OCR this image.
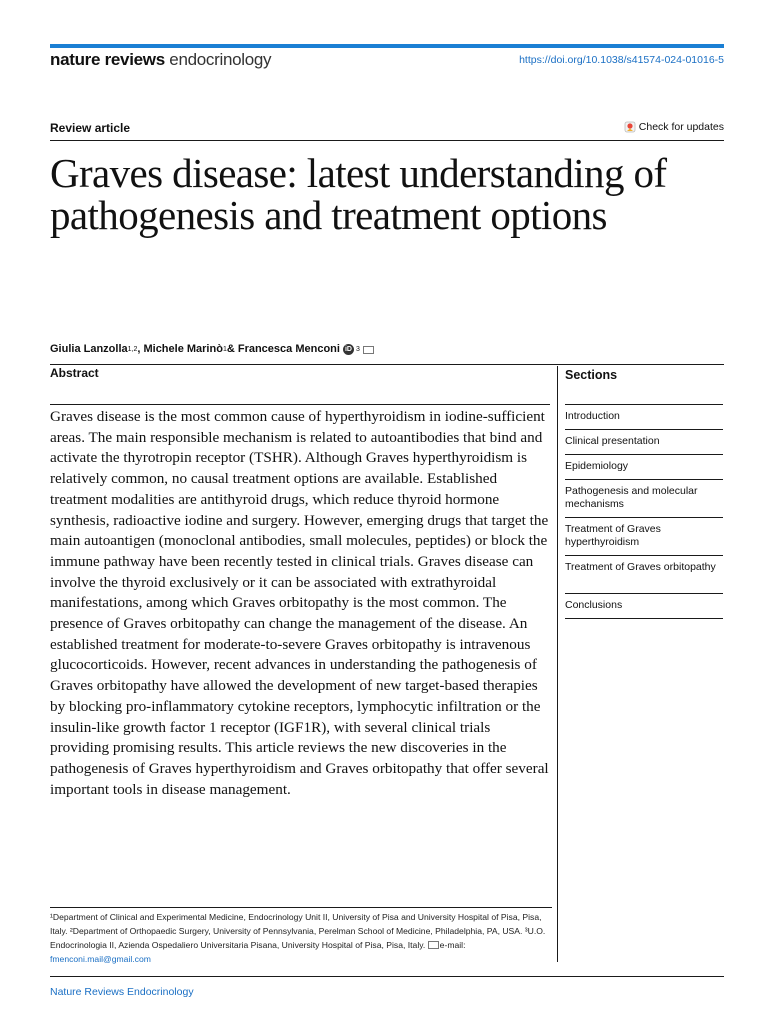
nature reviews endocrinology	https://doi.org/10.1038/s41574-024-01016-5
Review article	Check for updates
Graves disease: latest understanding of pathogenesis and treatment options
Giulia Lanzolla 1,2 , Michele Marinò 1 & Francesca Menconi iD 3
Abstract
Graves disease is the most common cause of hyperthyroidism in iodine-sufficient areas. The main responsible mechanism is related to autoantibodies that bind and activate the thyrotropin receptor (TSHR). Although Graves hyperthyroidism is relatively common, no causal treatment options are available. Established treatment modalities are antithyroid drugs, which reduce thyroid hormone synthesis, radioactive iodine and surgery. However, emerging drugs that target the main autoantigen (monoclonal antibodies, small molecules, peptides) or block the immune pathway have been recently tested in clinical trials. Graves disease can involve the thyroid exclusively or it can be associated with extrathyroidal manifestations, among which Graves orbitopathy is the most common. The presence of Graves orbitopathy can change the management of the disease. An established treatment for moderate-to-severe Graves orbitopathy is intravenous glucocorticoids. However, recent advances in understanding the pathogenesis of Graves orbitopathy have allowed the development of new target-based therapies by blocking pro-inflammatory cytokine receptors, lymphocytic infiltration or the insulin-like growth factor 1 receptor (IGF1R), with several clinical trials providing promising results. This article reviews the new discoveries in the pathogenesis of Graves hyperthyroidism and Graves orbitopathy that offer several important tools in disease management.
Sections
Introduction
Clinical presentation
Epidemiology
Pathogenesis and molecular mechanisms
Treatment of Graves hyperthyroidism
Treatment of Graves orbitopathy
Conclusions
¹Department of Clinical and Experimental Medicine, Endocrinology Unit II, University of Pisa and University Hospital of Pisa, Pisa, Italy. ²Department of Orthopaedic Surgery, University of Pennsylvania, Perelman School of Medicine, Philadelphia, PA, USA. ³U.O. Endocrinologia II, Azienda Ospedaliero Universitaria Pisana, University Hospital of Pisa, Pisa, Italy. e-mail: fmenconi.mail@gmail.com
Nature Reviews Endocrinology
